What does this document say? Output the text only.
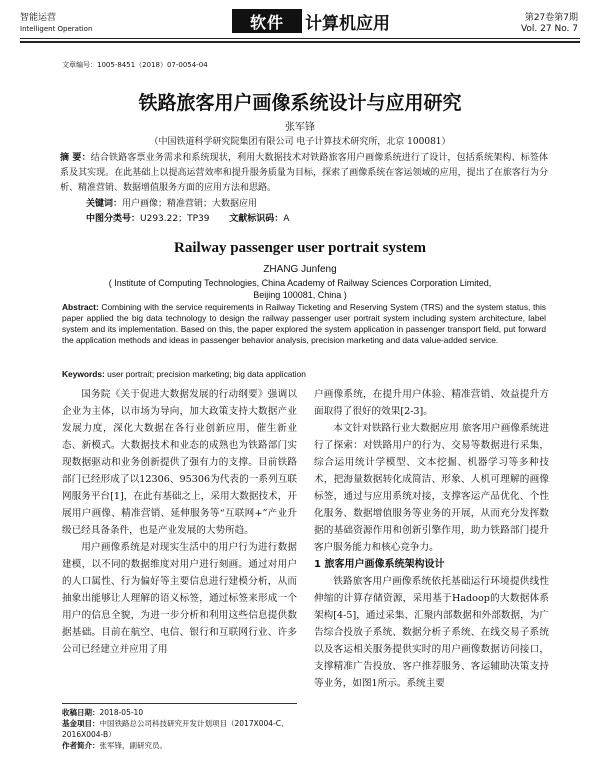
智能运营
Intelligent Operation	软件	计算机应用	第27卷第7期
Vol. 27 No. 7
文章编号：1005-8451（2018）07-0054-04
铁路旅客用户画像系统设计与应用研究
张军锋
（中国铁道科学研究院集团有限公司 电子计算技术研究所，北京 100081）
摘 要：结合铁路客票业务需求和系统现状，利用大数据技术对铁路旅客用户画像系统进行了设计，包括系统架构、标签体系及其实现。在此基础上以提高运营效率和提升服务质量为目标，探索了画像系统在客运领域的应用，提出了在旅客行为分析、精准营销、数据增值服务方面的应用方法和思路。
关键词：用户画像；精准营销；大数据应用
中图分类号：U293.22；TP39 文献标识码：A
Railway passenger user portrait system
ZHANG Junfeng
( Institute of Computing Technologies, China Academy of Railway Sciences Corporation Limited,
Beijing 100081, China )
Abstract: Combining with the service requirements in Railway Ticketing and Reserving System (TRS) and the system status, this paper applied the big data technology to design the railway passenger user portrait system including system architecture, label system and its implementation. Based on this, the paper explored the system application in passenger transport field, put forward the application methods and ideas in passenger behavior analysis, precision marketing and data value-added service.
Keywords: user portrait; precision marketing; big data application

国务院《关于促进大数据发展的行动纲要》强调以企业为主体，以市场为导向，加大政策支持大数据产业发展力度，深化大数据在各行业创新应用，催生新业态、新模式。大数据技术和业态的成熟也为铁路部门实现数据驱动和业务创新提供了强有力的支撑。目前铁路部门已经形成了以12306、95306为代表的一系列互联网服务平台[1]，在此有基础之上，采用大数据技术，开展用户画像、精准营销、延伸服务等“互联网+”产业升级已经具备条件，也是产业发展的大势所趋。

用户画像系统是对现实生活中的用户行为进行数据建模，以不同的数据维度对用户进行刻画。通过对用户的人口属性、行为偏好等主要信息进行建模分析，从而抽象出能够让人理解的语义标签，通过标签来形成一个用户的信息全貌，为进一步分析和利用这些信息提供数据基础。目前在航空、电信、银行和互联网行业、许多公司已经建立并应用了用

户画像系统，在提升用户体验、精准营销、效益提升方面取得了很好的效果[2-3]。

本文针对铁路行业大数据应用 旅客用户画像系统进行了探索：对铁路用户的行为、交易等数据进行采集，综合运用统计学模型、文本挖掘、机器学习等多种技术，把海量数据转化成简洁、形象、人机可理解的画像标签，通过与应用系统对接，支撑客运产品优化、个性化服务、数据增值服务等业务的开展，从而充分发挥数据的基础资源作用和创新引擎作用，助力铁路部门提升客户服务能力和核心竞争力。

1 旅客用户画像系统架构设计

铁路旅客用户画像系统依托基础运行环境提供线性伸缩的计算存储资源，采用基于Hadoop的大数据体系架构[4-5]，通过采集、汇聚内部数据和外部数据，为广告综合投放子系统、数据分析子系统、在线交易子系统以及客运相关服务提供实时的用户画像数据访问接口，支撑精准广告投放、客户推荐服务、客运辅助决策支持等业务，如图1所示。系统主要

收稿日期：2018-05-10
基金项目：中国铁路总公司科技研究开发计划项目（2017X004-C、2016X004-B）
作者简介：张军锋，副研究员。
